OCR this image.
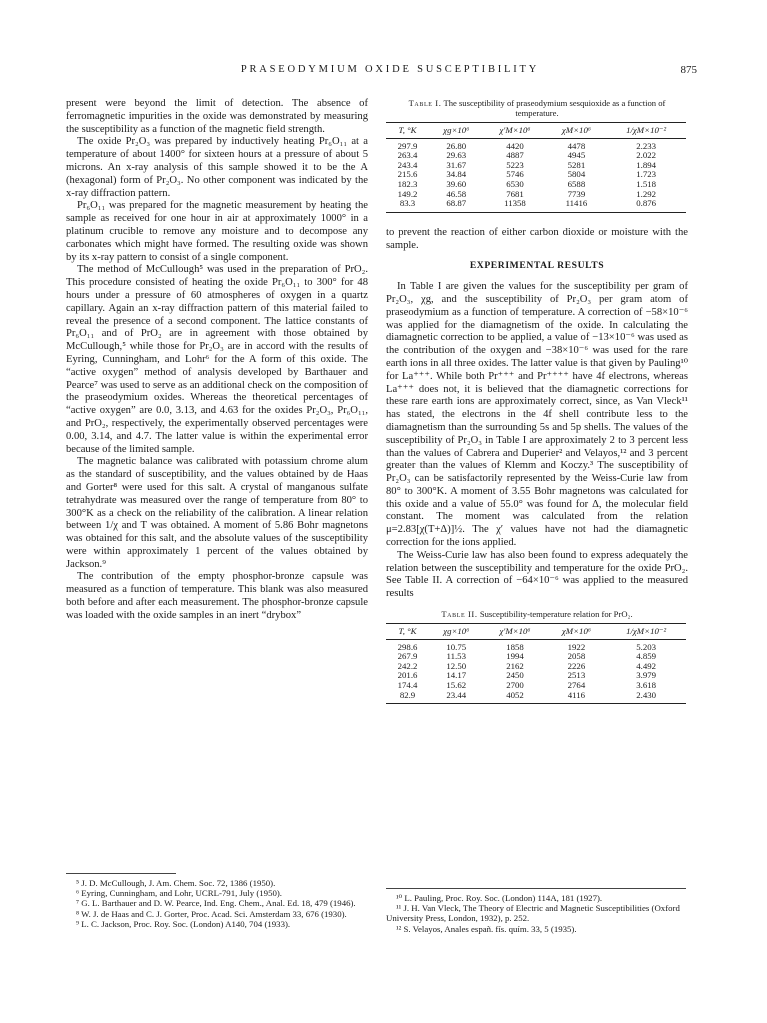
PRASEODYMIUM OXIDE SUSCEPTIBILITY	875

present were beyond the limit of detection. The absence of ferromagnetic impurities in the oxide was demonstrated by measuring the susceptibility as a function of the magnetic field strength.

The oxide Pr₂O₃ was prepared by inductively heating Pr₆O₁₁ at a temperature of about 1400° for sixteen hours at a pressure of about 5 microns. An x-ray analysis of this sample showed it to be the A (hexagonal) form of Pr₂O₃. No other component was indicated by the x-ray diffraction pattern.

Pr₆O₁₁ was prepared for the magnetic measurement by heating the sample as received for one hour in air at approximately 1000° in a platinum crucible to remove any moisture and to decompose any carbonates which might have formed. The resulting oxide was shown by its x-ray pattern to consist of a single component.

The method of McCullough⁵ was used in the preparation of PrO₂. This procedure consisted of heating the oxide Pr₆O₁₁ to 300° for 48 hours under a pressure of 60 atmospheres of oxygen in a quartz capillary. Again an x-ray diffraction pattern of this material failed to reveal the presence of a second component. The lattice constants of Pr₆O₁₁ and of PrO₂ are in agreement with those obtained by McCullough,⁵ while those for Pr₂O₃ are in accord with the results of Eyring, Cunningham, and Lohr⁶ for the A form of this oxide. The “active oxygen” method of analysis developed by Barthauer and Pearce⁷ was used to serve as an additional check on the composition of the praseodymium oxides. Whereas the theoretical percentages of “active oxygen” are 0.0, 3.13, and 4.63 for the oxides Pr₂O₃, Pr₆O₁₁, and PrO₂, respectively, the experimentally observed percentages were 0.00, 3.14, and 4.7. The latter value is within the experimental error because of the limited sample.

The magnetic balance was calibrated with potassium chrome alum as the standard of susceptibility, and the values obtained by de Haas and Gorter⁸ were used for this salt. A crystal of manganous sulfate tetrahydrate was measured over the range of temperature from 80° to 300°K as a check on the reliability of the calibration. A linear relation between 1/χ and T was obtained. A moment of 5.86 Bohr magnetons was obtained for this salt, and the absolute values of the susceptibility were within approximately 1 percent of the values obtained by Jackson.⁹

The contribution of the empty phosphor-bronze capsule was measured as a function of temperature. This blank was also measured both before and after each measurement. The phosphor-bronze capsule was loaded with the oxide samples in an inert “drybox”

⁵ J. D. McCullough, J. Am. Chem. Soc. 72, 1386 (1950).

⁶ Eyring, Cunningham, and Lohr, UCRL-791, July (1950).

⁷ G. L. Barthauer and D. W. Pearce, Ind. Eng. Chem., Anal. Ed. 18, 479 (1946).

⁸ W. J. de Haas and C. J. Gorter, Proc. Acad. Sci. Amsterdam 33, 676 (1930).

⁹ L. C. Jackson, Proc. Roy. Soc. (London) A140, 704 (1933).

Table I. The susceptibility of praseodymium sesquioxide as a function of temperature.
T, °K	χg×10⁶	χ′M×10⁶	χM×10⁶	1/χM×10⁻²
297.9	26.80	4420	4478	2.233
263.4	29.63	4887	4945	2.022
243.4	31.67	5223	5281	1.894
215.6	34.84	5746	5804	1.723
182.3	39.60	6530	6588	1.518
149.2	46.58	7681	7739	1.292
83.3	68.87	11358	11416	0.876

to prevent the reaction of either carbon dioxide or moisture with the sample.

EXPERIMENTAL RESULTS

In Table I are given the values for the susceptibility per gram of Pr₂O₃, χg, and the susceptibility of Pr₂O₃ per gram atom of praseodymium as a function of temperature. A correction of −58×10⁻⁶ was applied for the diamagnetism of the oxide. In calculating the diamagnetic correction to be applied, a value of −13×10⁻⁶ was used as the contribution of the oxygen and −38×10⁻⁶ was used for the rare earth ions in all three oxides. The latter value is that given by Pauling¹⁰ for La⁺⁺⁺. While both Pr⁺⁺⁺ and Pr⁺⁺⁺⁺ have 4f electrons, whereas La⁺⁺⁺ does not, it is believed that the diamagnetic corrections for these rare earth ions are approximately correct, since, as Van Vleck¹¹ has stated, the electrons in the 4f shell contribute less to the diamagnetism than the surrounding 5s and 5p shells. The values of the susceptibility of Pr₂O₃ in Table I are approximately 2 to 3 percent less than the values of Cabrera and Duperier² and Velayos,¹² and 3 percent greater than the values of Klemm and Koczy.³ The susceptibility of Pr₂O₃ can be satisfactorily represented by the Weiss-Curie law from 80° to 300°K. A moment of 3.55 Bohr magnetons was calculated for this oxide and a value of 55.0° was found for Δ, the molecular field constant. The moment was calculated from the relation μ=2.83[χ(T+Δ)]½. The χ′ values have not had the diamagnetic correction for the ions applied.

The Weiss-Curie law has also been found to express adequately the relation between the susceptibility and temperature for the oxide PrO₂. See Table II. A correction of −64×10⁻⁶ was applied to the measured results

Table II. Susceptibility-temperature relation for PrO₂.
T, °K	χg×10⁶	χ′M×10⁶	χM×10⁶	1/χM×10⁻²
298.6	10.75	1858	1922	5.203
267.9	11.53	1994	2058	4.859
242.2	12.50	2162	2226	4.492
201.6	14.17	2450	2513	3.979
174.4	15.62	2700	2764	3.618
82.9	23.44	4052	4116	2.430

¹⁰ L. Pauling, Proc. Roy. Soc. (London) 114A, 181 (1927).

¹¹ J. H. Van Vleck, The Theory of Electric and Magnetic Susceptibilities (Oxford University Press, London, 1932), p. 252.

¹² S. Velayos, Anales españ. fís. quím. 33, 5 (1935).
